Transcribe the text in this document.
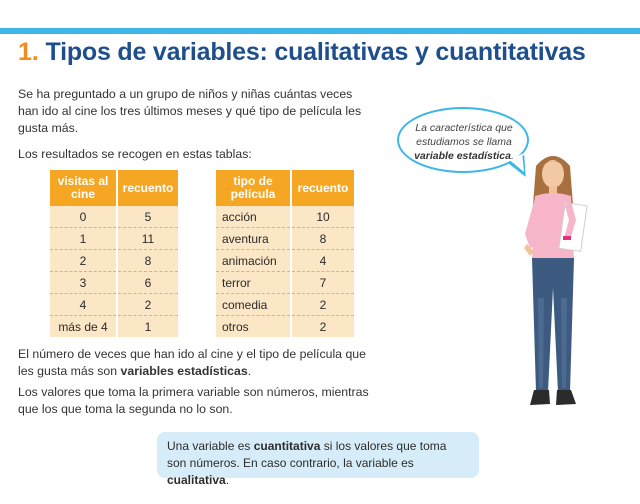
1. Tipos de variables: cualitativas y cuantitativas
Se ha preguntado a un grupo de niños y niñas cuántas veces han ido al cine los tres últimos meses y qué tipo de película les gusta más.
Los resultados se recogen en estas tablas:
visitas al cine	recuento
0	5
1	11
2	8
3	6
4	2
más de 4	1
tipo de película	recuento
acción	10
aventura	8
animación	4
terror	7
comedia	2
otros	2
El número de veces que han ido al cine y el tipo de película que les gusta más son variables estadísticas.
Los valores que toma la primera variable son números, mientras que los que toma la segunda no lo son.
La característica que
estudiamos se llama
variable estadística.
Una variable es cuantitativa si los valores que toma son números. En caso contrario, la variable es cualitativa.
